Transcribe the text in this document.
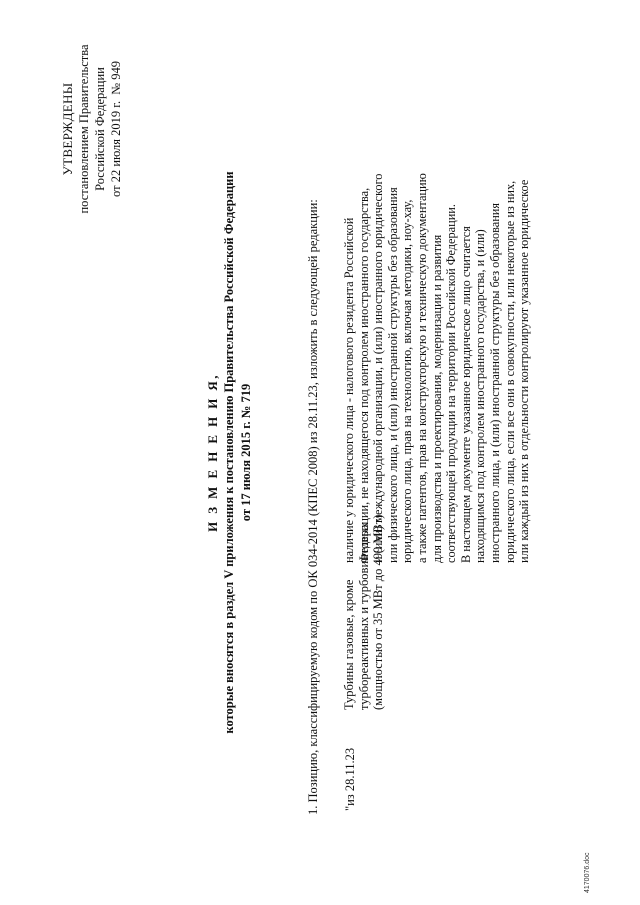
УТВЕРЖДЕНЫ постановлением Правительства Российской Федерации от 22 июля 2019 г.№ 949
И З М Е Н Е Н И Я, которые вносятся в раздел V приложения к постановлению Правительства Российской Федерации от 17 июля 2015 г. № 719	1. Позицию, классифицируемую кодом по ОК 034-2014 (КПЕС 2008) из 28.11.23, изложить в следующей редакции: "из 28.11.23
Турбины газовые, кроме турбореактивных и турбовинтовых (мощностью от 35 МВт до 499 МВт)
наличие у юридического лица - налогового резидента Российской Федерации, не находящегося под контролем иностранного государства, и (или) международной организации, и (или) иностранного юридического или физического лица, и (или) иностранной структуры без образования юридического лица, прав на технологию, включая методики, ноу-хау, а также патентов, прав на конструкторскую и техническую документацию для производства и проектирования, модернизации и развития соответствующей продукции на территории Российской Федерации. В настоящем документе указанное юридическое лицо считается находящимся под контролем иностранного государства, и (или) иностранного лица, и (или) иностранной структуры без образования юридического лица, если все они в совокупности, или некоторые из них, или каждый из них в отдельности контролируют указанное юридическое
4170076.doc
